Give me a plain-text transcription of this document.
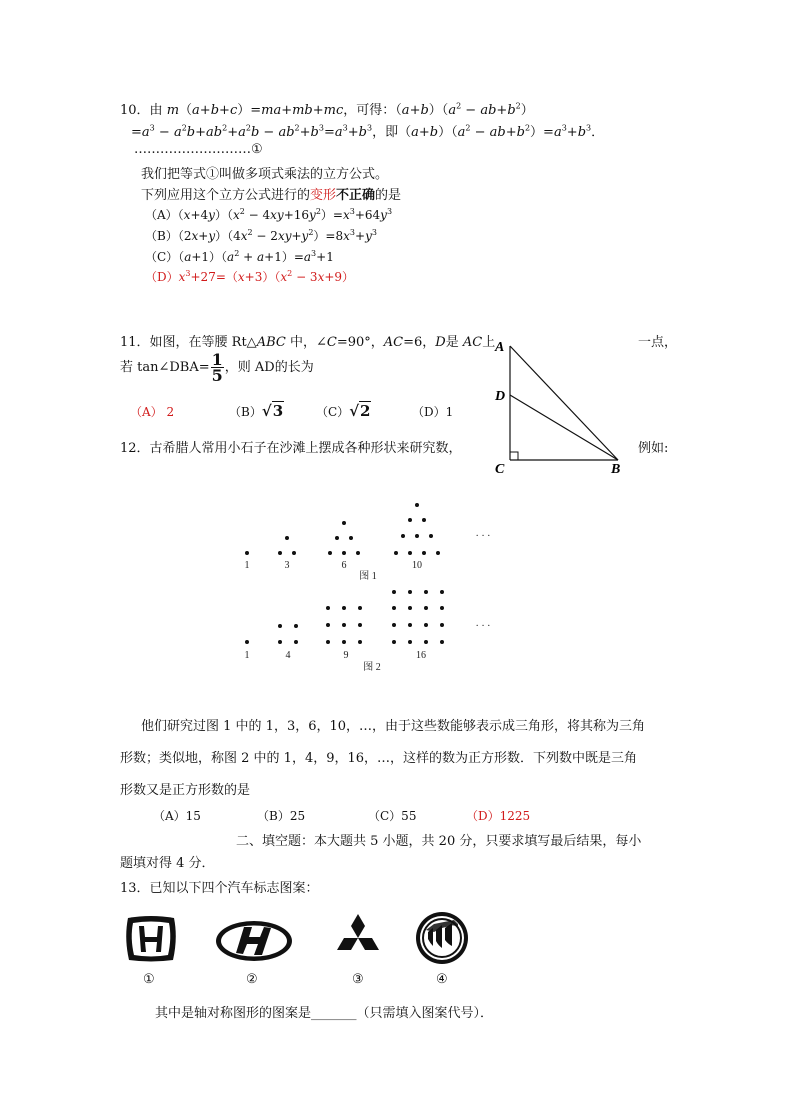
10．由 m（a+b+c）=ma+mb+mc，可得：$(a+b)(a^2 - ab+b^2)$
$=a^3 - a^2b+ab^2+a^2b - ab^2+b^3=a^3+b^3$，即$(a+b)(a^2 - ab+b^2)=a^3+b^3$．
………………………①
我们把等式①叫做多项式乘法的立方公式。
下列应用这个立方公式进行的变形不正确的是
$(A)(x+4y)(x^2 - 4xy+16y^2)=x^3+64y^3$
$(B)(2x+y)(4x^2 - 2xy+y^2)=8x^3+y^3$
$(C)(a+1)(a^2 + a+1)=a^3+1$
$(D)x^3+27=(x+3)(x^2 - 3x+9)$
11．如图，在等腰 Rt△ABC 中，∠C=90°，AC=6，D是 AC上	一点，
若 tan∠DBA= $\frac{1}{5}$ ，则 AD的长为
（A） 2	（B）√3	（C）√2	（D）1
A
D
C	B
12．古希腊人常用小石子在沙滩上摆成各种形状来研究数，	例如:
1	3	6	10
图 1
· · ·
1	4	9	16
图 2
· · ·
他们研究过图 1 中的 1，3，6，10，…，由于这些数能够表示成三角形，将其称为三角
形数；类似地，称图 2 中的 1，4，9，16，…，这样的数为正方形数．下列数中既是三角
形数又是正方形数的是
（A）15	（B）25	（C）55	（D）1225
二、填空题：本大题共 5 小题，共 20 分，只要求填写最后结果，每小
题填对得 4 分．
13．已知以下四个汽车标志图案：
①	②	③	④
其中是轴对称图形的图案是_______（只需填入图案代号）．
